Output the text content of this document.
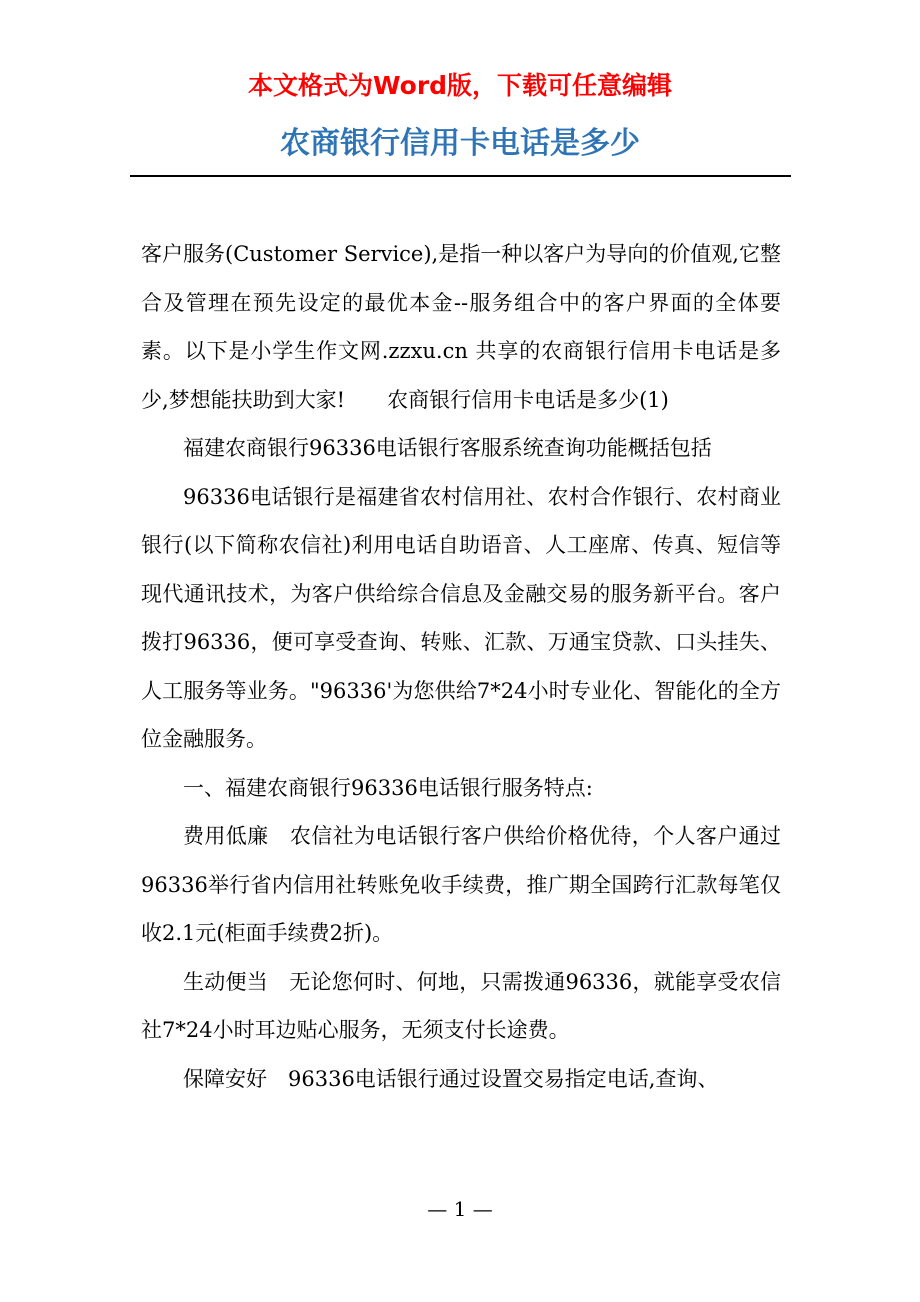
本文格式为Word版，下载可任意编辑
农商银行信用卡电话是多少

客户服务(Customer Service),是指一种以客户为导向的价值观,它整合及管理在预先设定的最优本金--服务组合中的客户界面的全体要素。以下是小学生作文网.zzxu.cn 共享的农商银行信用卡电话是多少,梦想能扶助到大家!　　农商银行信用卡电话是多少(1)

福建农商银行96336电话银行客服系统查询功能概括包括

96336电话银行是福建省农村信用社、农村合作银行、农村商业银行(以下简称农信社)利用电话自助语音、人工座席、传真、短信等现代通讯技术，为客户供给综合信息及金融交易的服务新平台。客户拨打96336，便可享受查询、转账、汇款、万通宝贷款、口头挂失、人工服务等业务。"96336'为您供给7*24小时专业化、智能化的全方位金融服务。

一、福建农商银行96336电话银行服务特点:

费用低廉　农信社为电话银行客户供给价格优待，个人客户通过96336举行省内信用社转账免收手续费，推广期全国跨行汇款每笔仅收2.1元(柜面手续费2折)。

生动便当　无论您何时、何地，只需拨通96336，就能享受农信社7*24小时耳边贴心服务，无须支付长途费。

保障安好　96336电话银行通过设置交易指定电话,查询、

— 1 —
